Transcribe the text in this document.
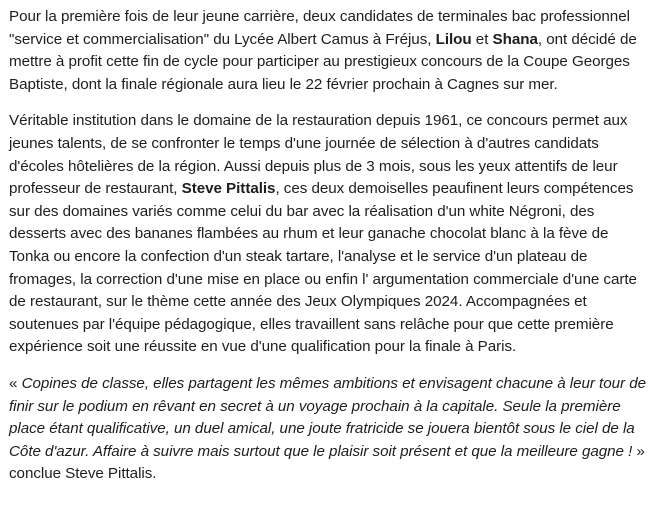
Pour la première fois de leur jeune carrière, deux candidates de terminales bac professionnel "service et commercialisation" du Lycée Albert Camus à Fréjus, Lilou et Shana, ont décidé de mettre à profit cette fin de cycle pour participer au prestigieux concours de la Coupe Georges Baptiste, dont la finale régionale aura lieu le 22 février prochain à Cagnes sur mer.

Véritable institution dans le domaine de la restauration depuis 1961, ce concours permet aux jeunes talents, de se confronter le temps d'une journée de sélection à d'autres candidats d'écoles hôtelières de la région. Aussi depuis plus de 3 mois, sous les yeux attentifs de leur professeur de restaurant, Steve Pittalis, ces deux demoiselles peaufinent leurs compétences sur des domaines variés comme celui du bar avec la réalisation d'un white Négroni, des desserts avec des bananes flambées au rhum et leur ganache chocolat blanc à la fève de Tonka ou encore la confection d'un steak tartare, l'analyse et le service d'un plateau de fromages, la correction d'une mise en place ou enfin l' argumentation commerciale d'une carte de restaurant, sur le thème cette année des Jeux Olympiques 2024. Accompagnées et soutenues par l'équipe pédagogique, elles travaillent sans relâche pour que cette première expérience soit une réussite en vue d'une qualification pour la finale à Paris.

« Copines de classe, elles partagent les mêmes ambitions et envisagent chacune à leur tour de finir sur le podium en rêvant en secret à un voyage prochain à la capitale. Seule la première place étant qualificative, un duel amical, une joute fratricide se jouera bientôt sous le ciel de la Côte d'azur. Affaire à suivre mais surtout que le plaisir soit présent et que la meilleure gagne ! » conclue Steve Pittalis.
